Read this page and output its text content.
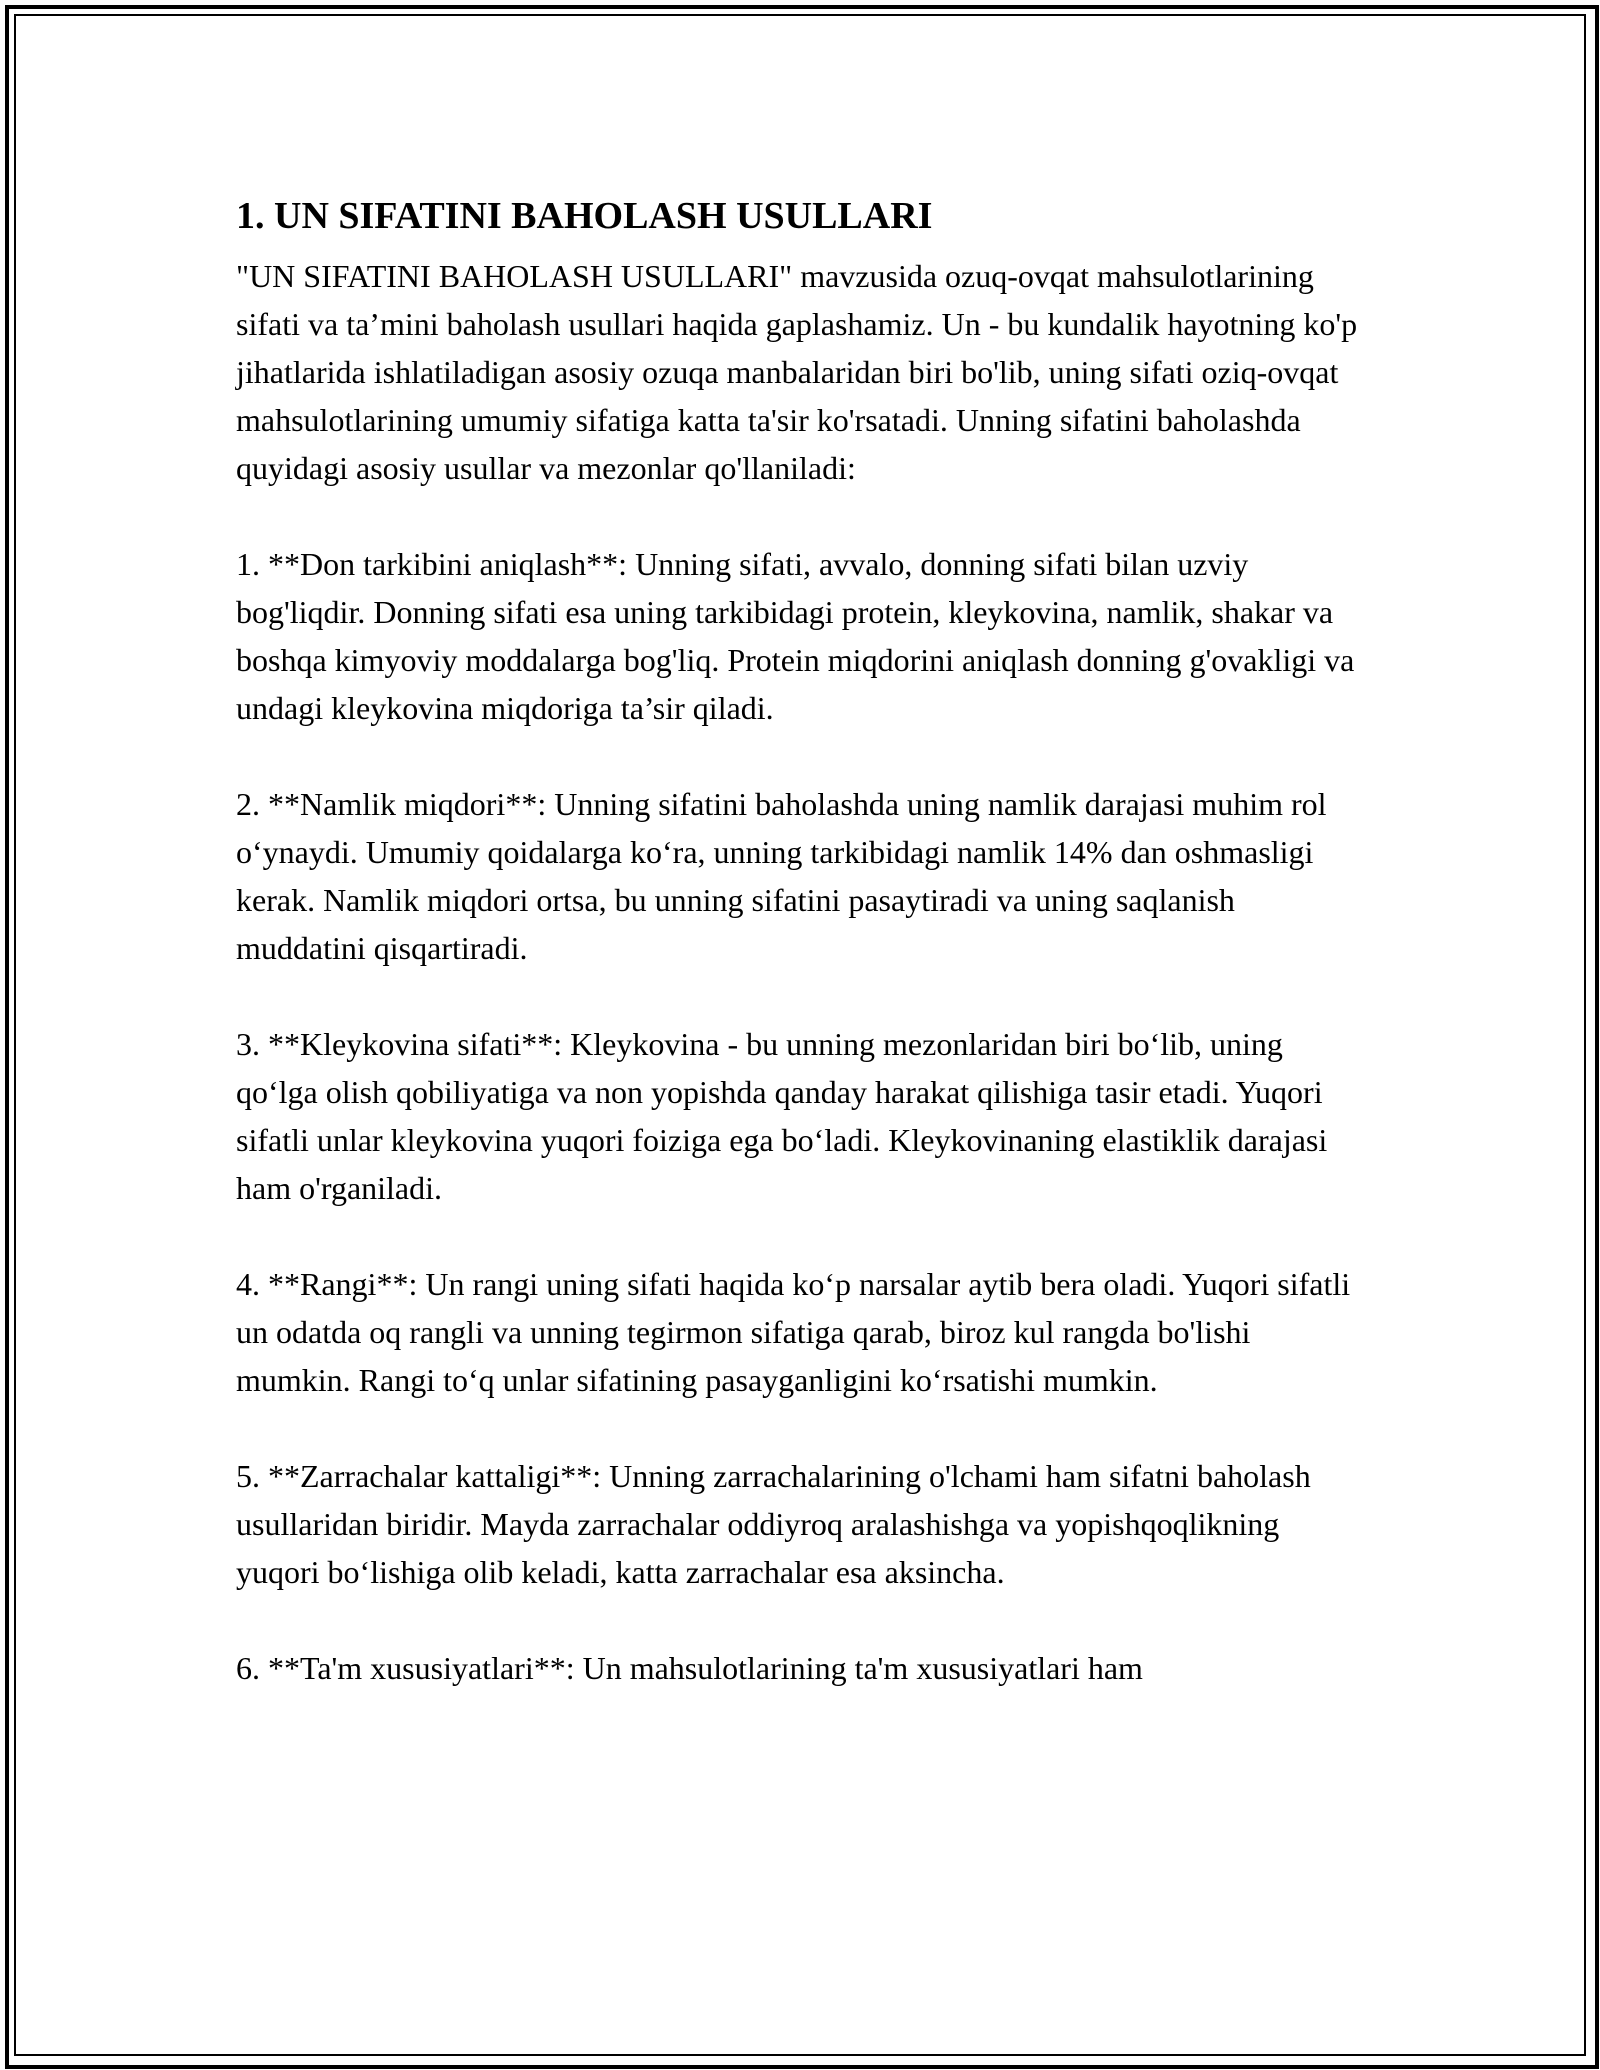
1. UN SIFATINI BAHOLASH USULLARI

"UN SIFATINI BAHOLASH USULLARI" mavzusida ozuq-ovqat mahsulotlarining sifati va ta’mini baholash usullari haqida gaplashamiz. Un - bu kundalik hayotning ko'p jihatlarida ishlatiladigan asosiy ozuqa manbalaridan biri bo'lib, uning sifati oziq-ovqat mahsulotlarining umumiy sifatiga katta ta'sir ko'rsatadi. Unning sifatini baholashda quyidagi asosiy usullar va mezonlar qo'llaniladi:

1. **Don tarkibini aniqlash**: Unning sifati, avvalo, donning sifati bilan uzviy bog'liqdir. Donning sifati esa uning tarkibidagi protein, kleykovina, namlik, shakar va boshqa kimyoviy moddalarga bog'liq. Protein miqdorini aniqlash donning g'ovakligi va undagi kleykovina miqdoriga ta’sir qiladi.

2. **Namlik miqdori**: Unning sifatini baholashda uning namlik darajasi muhim rol o‘ynaydi. Umumiy qoidalarga ko‘ra, unning tarkibidagi namlik 14% dan oshmasligi kerak. Namlik miqdori ortsa, bu unning sifatini pasaytiradi va uning saqlanish muddatini qisqartiradi.

3. **Kleykovina sifati**: Kleykovina - bu unning mezonlaridan biri bo‘lib, uning qo‘lga olish qobiliyatiga va non yopishda qanday harakat qilishiga tasir etadi. Yuqori sifatli unlar kleykovina yuqori foiziga ega bo‘ladi. Kleykovinaning elastiklik darajasi ham o'rganiladi.

4. **Rangi**: Un rangi uning sifati haqida ko‘p narsalar aytib bera oladi. Yuqori sifatli un odatda oq rangli va unning tegirmon sifatiga qarab, biroz kul rangda bo'lishi mumkin. Rangi to‘q unlar sifatining pasayganligini ko‘rsatishi mumkin.

5. **Zarrachalar kattaligi**: Unning zarrachalarining o'lchami ham sifatni baholash usullaridan biridir. Mayda zarrachalar oddiyroq aralashishga va yopishqoqlikning yuqori bo‘lishiga olib keladi, katta zarrachalar esa aksincha.

6. **Ta'm xususiyatlari**: Un mahsulotlarining ta'm xususiyatlari ham
